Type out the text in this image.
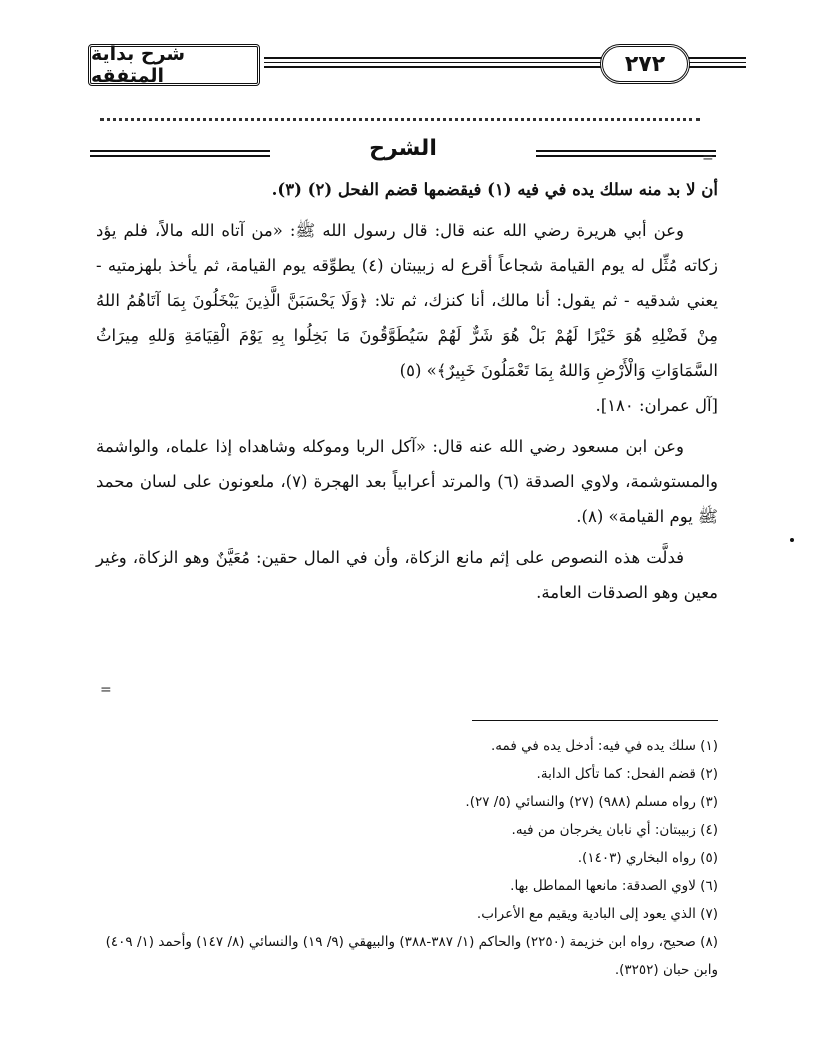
شرح بداية المتفقه	٢٧٢
الشرح	=
=

أن لا بد منه سلك يده في فيه (١) فيقضمها قضم الفحل (٢) (٣).

وعن أبي هريرة رضي الله عنه قال: قال رسول الله ﷺ: «من آتاه الله مالاً، فلم يؤد زكاته مُثِّل له يوم القيامة شجاعاً أقرع له زبيبتان (٤) يطوِّقه يوم القيامة، ثم يأخذ بلهزمتيه - يعني شدقيه - ثم يقول: أنا مالك، أنا كنزك، ثم تلا: ﴿وَلَا يَحْسَبَنَّ الَّذِينَ يَبْخَلُونَ بِمَا آتَاهُمُ اللهُ مِنْ فَضْلِهِ هُوَ خَيْرًا لَهُمْ بَلْ هُوَ شَرٌّ لَهُمْ سَيُطَوَّقُونَ مَا بَخِلُوا بِهِ يَوْمَ الْقِيَامَةِ وَللهِ مِيرَاثُ السَّمَاوَاتِ وَالْأَرْضِ وَاللهُ بِمَا تَعْمَلُونَ خَبِيرٌ﴾» (٥)

[آل عمران: ١٨٠].

وعن ابن مسعود رضي الله عنه قال: «آكل الربا وموكله وشاهداه إذا علماه، والواشمة والمستوشمة، ولاوي الصدقة (٦) والمرتد أعرابياً بعد الهجرة (٧)، ملعونون على لسان محمد ﷺ يوم القيامة» (٨).

فدلَّت هذه النصوص على إثم مانع الزكاة، وأن في المال حقين: مُعَيَّنٌ وهو الزكاة، وغير معين وهو الصدقات العامة.

(١) سلك يده في فيه: أدخل يده في فمه.
(٢) قضم الفحل: كما تأكل الدابة.
(٣) رواه مسلم (٩٨٨) (٢٧) والنسائي (٥/ ٢٧).
(٤) زبيبتان: أي نابان يخرجان من فيه.
(٥) رواه البخاري (١٤٠٣).
(٦) لاوي الصدقة: مانعها المماطل بها.
(٧) الذي يعود إلى البادية ويقيم مع الأعراب.
(٨) صحيح، رواه ابن خزيمة (٢٢٥٠) والحاكم (١/ ٣٨٧-٣٨٨) والبيهقي (٩/ ١٩) والنسائي (٨/ ١٤٧) وأحمد (١/ ٤٠٩) وابن حبان (٣٢٥٢).
